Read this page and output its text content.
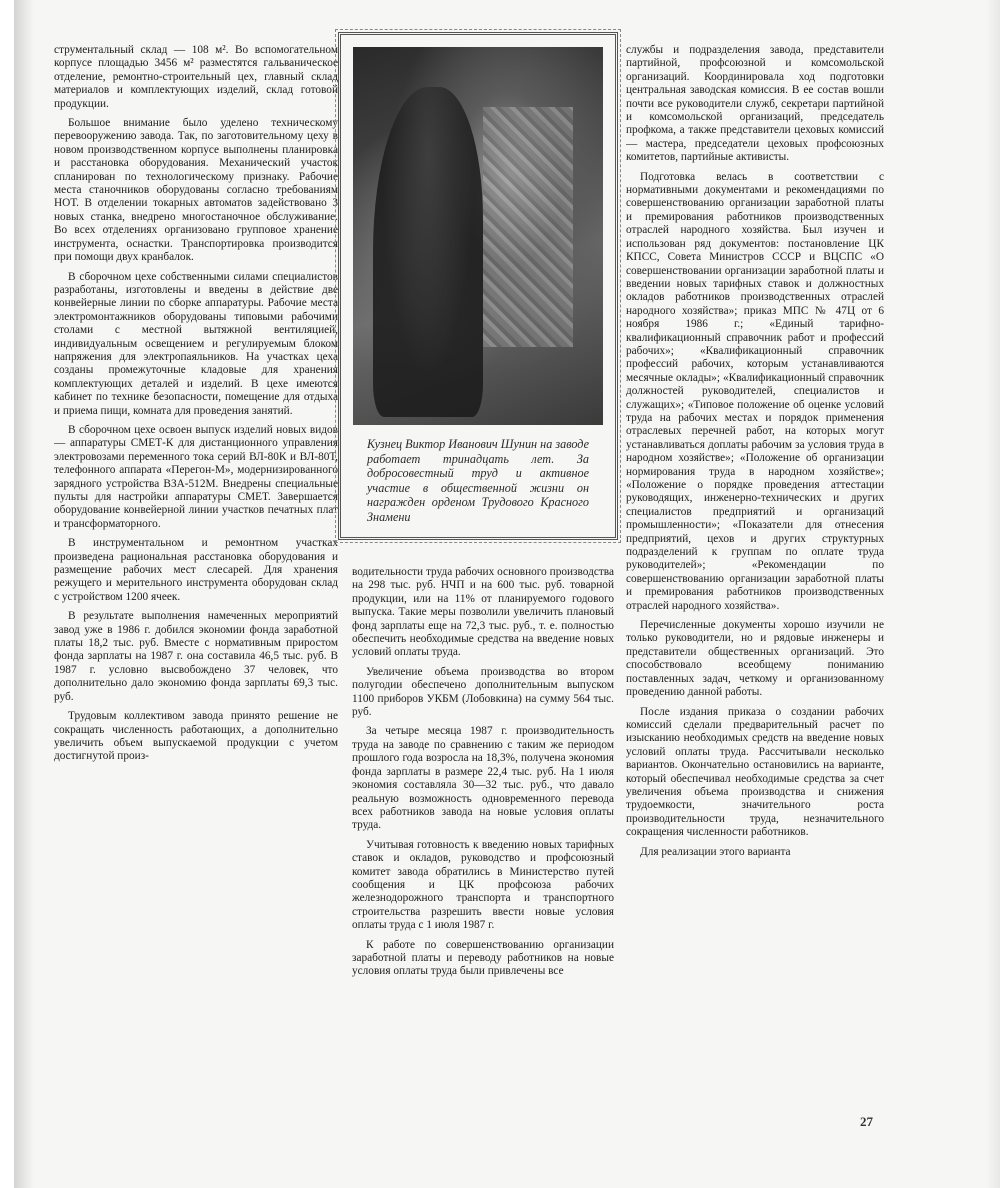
струментальный склад — 108 м². Во вспомогательном корпусе площадью 3456 м² разместятся гальваническое отделение, ремонтно-строительный цех, главный склад материалов и комплектующих изделий, склад готовой продукции.

Большое внимание было уделено техническому перевооружению завода. Так, по заготовительному цеху в новом производственном корпусе выполнены планировка и расстановка оборудования. Механический участок спланирован по технологическому признаку. Рабочие места станочников оборудованы согласно требованиям НОТ. В отделении токарных автоматов задействовано 3 новых станка, внедрено многостаночное обслуживание. Во всех отделениях организовано групповое хранение инструмента, оснастки. Транспортировка производится при помощи двух кранбалок.

В сборочном цехе собственными силами специалистов разработаны, изготовлены и введены в действие две конвейерные линии по сборке аппаратуры. Рабочие места электромонтажников оборудованы типовыми рабочими столами с местной вытяжной вентиляцией, индивидуальным освещением и регулируемым блоком напряжения для электропаяльников. На участках цеха созданы промежуточные кладовые для хранения комплектующих деталей и изделий. В цехе имеются кабинет по технике безопасности, помещение для отдыха и приема пищи, комната для проведения занятий.

В сборочном цехе освоен выпуск изделий новых видов — аппаратуры СМЕТ-К для дистанционного управления электровозами переменного тока серий ВЛ-80К и ВЛ-80Т, телефонного аппарата «Перегон-М», модернизированного зарядного устройства ВЗА-512М. Внедрены специальные пульты для настройки аппаратуры СМЕТ. Завершается оборудование конвейерной линии участков печатных плат и трансформаторного.

В инструментальном и ремонтном участках произведена рациональная расстановка оборудования и размещение рабочих мест слесарей. Для хранения режущего и мерительного инструмента оборудован склад с устройством 1200 ячеек.

В результате выполнения намеченных мероприятий завод уже в 1986 г. добился экономии фонда заработной платы 18,2 тыс. руб. Вместе с нормативным приростом фонда зарплаты на 1987 г. она составила 46,5 тыс. руб. В 1987 г. условно высвобождено 37 человек, что дополнительно дало экономию фонда зарплаты 69,3 тыс. руб.

Трудовым коллективом завода принято решение не сокращать численность работающих, а дополнительно увеличить объем выпускаемой продукции с учетом достигнутой произ-

Кузнец Виктор Иванович Шунин на заводе работает тринадцать лет. За добросовестный труд и активное участие в общественной жизни он награжден орденом Трудового Красного Знамени

водительности труда рабочих основного производства на 298 тыс. руб. НЧП и на 600 тыс. руб. товарной продукции, или на 11% от планируемого годового выпуска. Такие меры позволили увеличить плановый фонд зарплаты еще на 72,3 тыс. руб., т. е. полностью обеспечить необходимые средства на введение новых условий оплаты труда.

Увеличение объема производства во втором полугодии обеспечено дополнительным выпуском 1100 приборов УКБМ (Лобовкина) на сумму 564 тыс. руб.

За четыре месяца 1987 г. производительность труда на заводе по сравнению с таким же периодом прошлого года возросла на 18,3%, получена экономия фонда зарплаты в размере 22,4 тыс. руб. На 1 июля экономия составляла 30—32 тыс. руб., что давало реальную возможность одновременного перевода всех работников завода на новые условия оплаты труда.

Учитывая готовность к введению новых тарифных ставок и окладов, руководство и профсоюзный комитет завода обратились в Министерство путей сообщения и ЦК профсоюза рабочих железнодорожного транспорта и транспортного строительства разрешить ввести новые условия оплаты труда с 1 июля 1987 г.

К работе по совершенствованию организации заработной платы и переводу работников на новые условия оплаты труда были привлечены все

службы и подразделения завода, представители партийной, профсоюзной и комсомольской организаций. Координировала ход подготовки центральная заводская комиссия. В ее состав вошли почти все руководители служб, секретари партийной и комсомольской организаций, председатель профкома, а также представители цеховых комиссий — мастера, председатели цеховых профсоюзных комитетов, партийные активисты.

Подготовка велась в соответствии с нормативными документами и рекомендациями по совершенствованию организации заработной платы и премирования работников производственных отраслей народного хозяйства. Был изучен и использован ряд документов: постановление ЦК КПСС, Совета Министров СССР и ВЦСПС «О совершенствовании организации заработной платы и введении новых тарифных ставок и должностных окладов работников производственных отраслей народного хозяйства»; приказ МПС № 47Ц от 6 ноября 1986 г.; «Единый тарифно-квалификационный справочник работ и профессий рабочих»; «Квалификационный справочник профессий рабочих, которым устанавливаются месячные оклады»; «Квалификационный справочник должностей руководителей, специалистов и служащих»; «Типовое положение об оценке условий труда на рабочих местах и порядок применения отраслевых перечней работ, на которых могут устанавливаться доплаты рабочим за условия труда в народном хозяйстве»; «Положение об организации нормирования труда в народном хозяйстве»; «Положение о порядке проведения аттестации руководящих, инженерно-технических и других специалистов предприятий и организаций промышленности»; «Показатели для отнесения предприятий, цехов и других структурных подразделений к группам по оплате труда руководителей»; «Рекомендации по совершенствованию организации заработной платы и премирования работников производственных отраслей народного хозяйства».

Перечисленные документы хорошо изучили не только руководители, но и рядовые инженеры и представители общественных организаций. Это способствовало всеобщему пониманию поставленных задач, четкому и организованному проведению данной работы.

После издания приказа о создании рабочих комиссий сделали предварительный расчет по изысканию необходимых средств на введение новых условий оплаты труда. Рассчитывали несколько вариантов. Окончательно остановились на варианте, который обеспечивал необходимые средства за счет увеличения объема производства и снижения трудоемкости, значительного роста производительности труда, незначительного сокращения численности работников.

Для реализации этого варианта

27
